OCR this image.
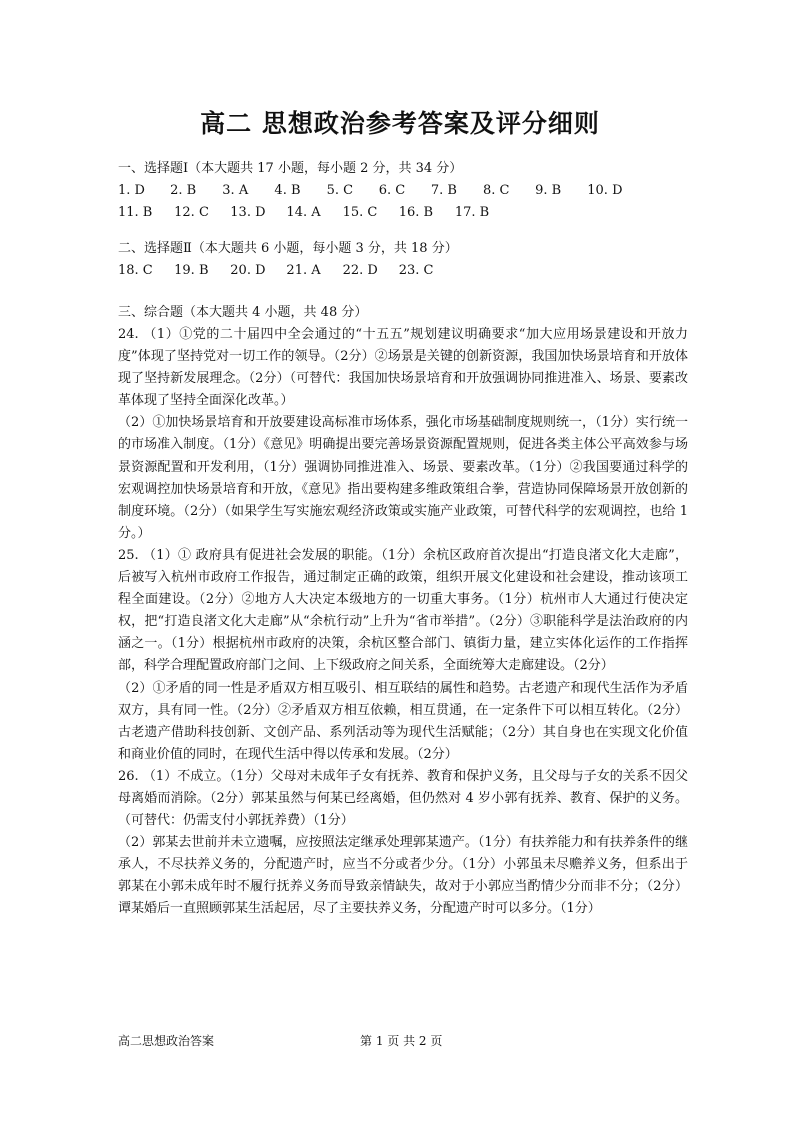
高二 思想政治参考答案及评分细则
一、选择题Ⅰ（本大题共 17 小题，每小题 2 分，共 34 分）
1. D 2. B 3. A 4. B 5. C 6. C 7. B 8. C 9. B 10. D
11. B 12. C 13. D 14. A 15. C 16. B 17. B
二、选择题Ⅱ（本大题共 6 小题，每小题 3 分，共 18 分）
18. C 19. B 20. D 21. A 22. D 23. C
三、综合题（本大题共 4 小题，共 48 分）

24. （1）①党的二十届四中全会通过的“十五五”规划建议明确要求“加大应用场景建设和开放力度”体现了坚持党对一切工作的领导。（2分）②场景是关键的创新资源，我国加快场景培育和开放体现了坚持新发展理念。（2分）（可替代：我国加快场景培育和开放强调协同推进准入、场景、要素改革体现了坚持全面深化改革。）

（2）①加快场景培育和开放要建设高标准市场体系，强化市场基础制度规则统一，（1分）实行统一的市场准入制度。（1分）《意见》明确提出要完善场景资源配置规则，促进各类主体公平高效参与场景资源配置和开发利用，（1分）强调协同推进准入、场景、要素改革。（1分）②我国要通过科学的宏观调控加快场景培育和开放，《意见》指出要构建多维政策组合拳，营造协同保障场景开放创新的制度环境。（2分）（如果学生写实施宏观经济政策或实施产业政策，可替代科学的宏观调控，也给 1 分。）

25. （1）① 政府具有促进社会发展的职能。（1分）余杭区政府首次提出“打造良渚文化大走廊”，后被写入杭州市政府工作报告，通过制定正确的政策，组织开展文化建设和社会建设，推动该项工程全面建设。（2分）②地方人大决定本级地方的一切重大事务。（1分）杭州市人大通过行使决定权，把“打造良渚文化大走廊”从“余杭行动”上升为“省市举措”。（2分）③职能科学是法治政府的内涵之一。（1分）根据杭州市政府的决策，余杭区整合部门、镇街力量，建立实体化运作的工作指挥部，科学合理配置政府部门之间、上下级政府之间关系，全面统筹大走廊建设。（2分）

（2）①矛盾的同一性是矛盾双方相互吸引、相互联结的属性和趋势。古老遗产和现代生活作为矛盾双方，具有同一性。（2分）②矛盾双方相互依赖，相互贯通，在一定条件下可以相互转化。（2分）古老遗产借助科技创新、文创产品、系列活动等为现代生活赋能；（2分）其自身也在实现文化价值和商业价值的同时，在现代生活中得以传承和发展。（2分）

26. （1）不成立。（1分）父母对未成年子女有抚养、教育和保护义务，且父母与子女的关系不因父母离婚而消除。（2分）郭某虽然与何某已经离婚，但仍然对 4 岁小郭有抚养、教育、保护的义务。（可替代：仍需支付小郭抚养费）（1分）

（2）郭某去世前并未立遗嘱，应按照法定继承处理郭某遗产。（1分）有扶养能力和有扶养条件的继承人，不尽扶养义务的，分配遗产时，应当不分或者少分。（1分）小郭虽未尽赡养义务，但系出于郭某在小郭未成年时不履行抚养义务而导致亲情缺失，故对于小郭应当酌情少分而非不分；（2分）谭某婚后一直照顾郭某生活起居，尽了主要扶养义务，分配遗产时可以多分。（1分）

高二思想政治答案	第 1 页 共 2 页
